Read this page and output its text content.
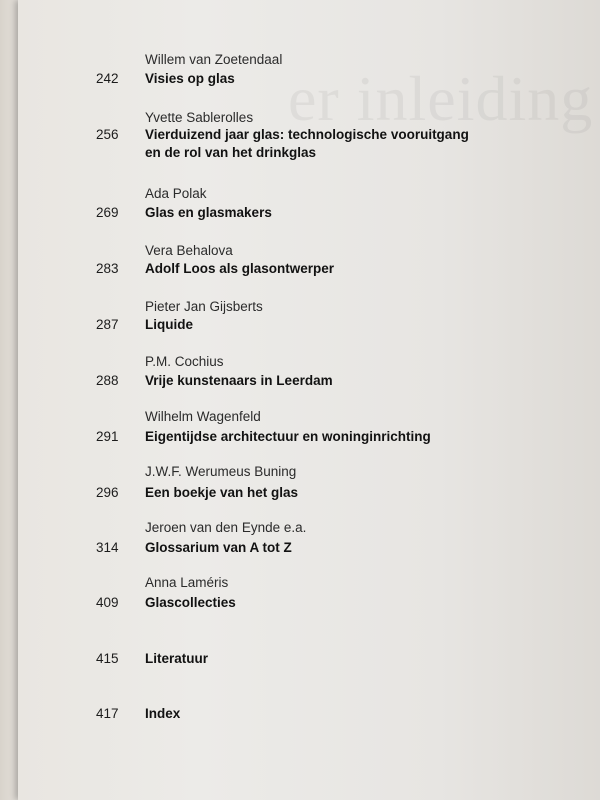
er inleiding
Willem van Zoetendaal
242	Visies op glas
Yvette Sablerolles
256	Vierduizend jaar glas: technologische vooruitgang
en de rol van het drinkglas
Ada Polak
269	Glas en glasmakers
Vera Behalova
283	Adolf Loos als glasontwerper
Pieter Jan Gijsberts
287	Liquide
P.M. Cochius
288	Vrije kunstenaars in Leerdam
Wilhelm Wagenfeld
291	Eigentijdse architectuur en woninginrichting
J.W.F. Werumeus Buning
296	Een boekje van het glas
Jeroen van den Eynde e.a.
314	Glossarium van A tot Z
Anna Laméris
409	Glascollecties
415	Literatuur
417	Index
